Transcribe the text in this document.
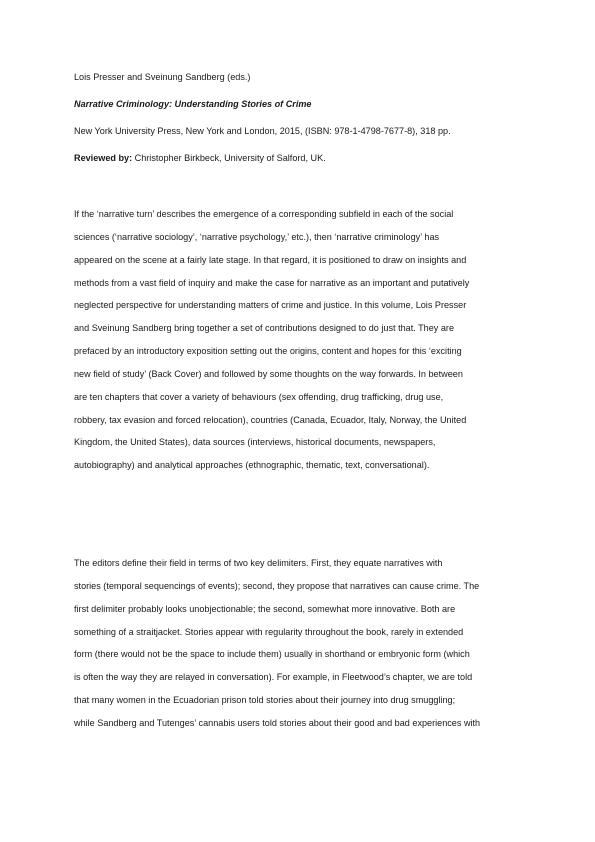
Lois Presser and Sveinung Sandberg (eds.)
Narrative Criminology: Understanding Stories of Crime
New York University Press, New York and London, 2015, (ISBN: 978-1-4798-7677-8), 318 pp.
Reviewed by: Christopher Birkbeck, University of Salford, UK.
If the ‘narrative turn’ describes the emergence of a corresponding subfield in each of the social
sciences (‘narrative sociology’, ‘narrative psychology,’ etc.), then ‘narrative criminology’ has
appeared on the scene at a fairly late stage. In that regard, it is positioned to draw on insights and
methods from a vast field of inquiry and make the case for narrative as an important and putatively
neglected perspective for understanding matters of crime and justice. In this volume, Lois Presser
and Sveinung Sandberg bring together a set of contributions designed to do just that. They are
prefaced by an introductory exposition setting out the origins, content and hopes for this ‘exciting
new field of study’ (Back Cover) and followed by some thoughts on the way forwards. In between
are ten chapters that cover a variety of behaviours (sex offending, drug trafficking, drug use,
robbery, tax evasion and forced relocation), countries (Canada, Ecuador, Italy, Norway, the United
Kingdom, the United States), data sources (interviews, historical documents, newspapers,
autobiography) and analytical approaches (ethnographic, thematic, text, conversational).
The editors define their field in terms of two key delimiters. First, they equate narratives with
stories (temporal sequencings of events); second, they propose that narratives can cause crime. The
first delimiter probably looks unobjectionable; the second, somewhat more innovative. Both are
something of a straitjacket. Stories appear with regularity throughout the book, rarely in extended
form (there would not be the space to include them) usually in shorthand or embryonic form (which
is often the way they are relayed in conversation). For example, in Fleetwood’s chapter, we are told
that many women in the Ecuadorian prison told stories about their journey into drug smuggling;
while Sandberg and Tutenges’ cannabis users told stories about their good and bad experiences with
